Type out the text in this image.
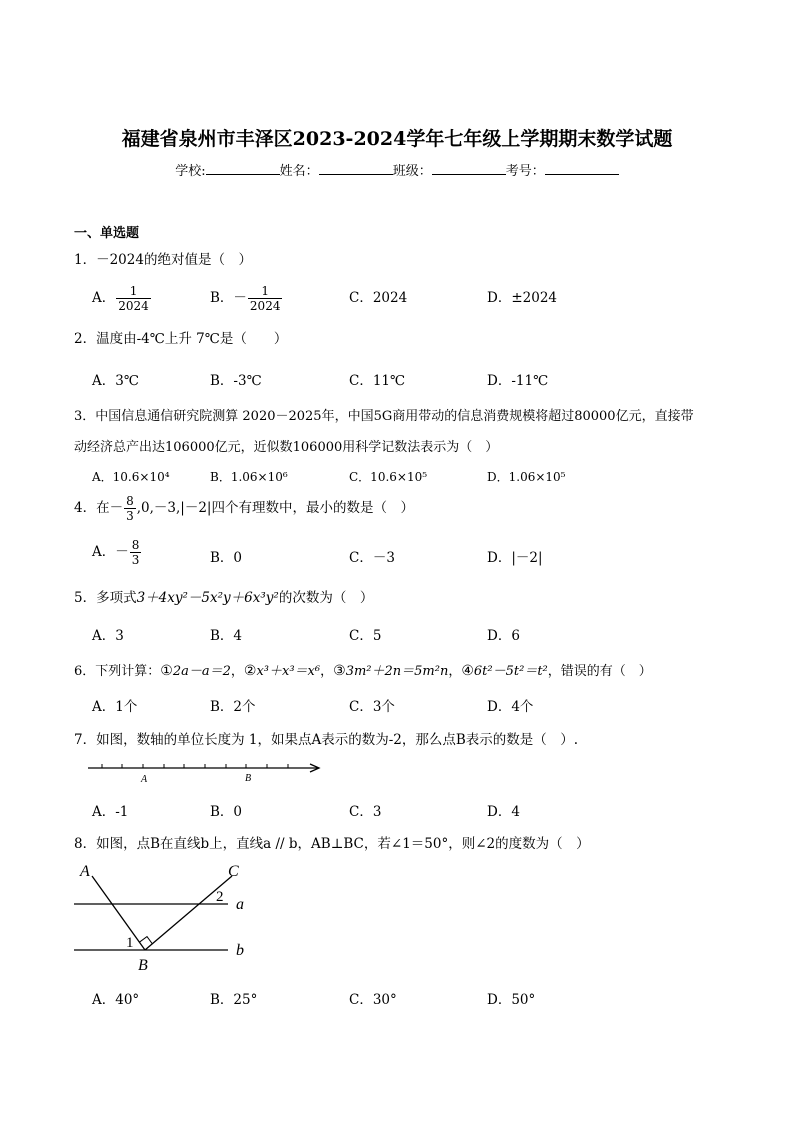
福建省泉州市丰泽区2023-2024学年七年级上学期期末数学试题
学校:	姓名：	班级：	考号：
一、单选题
1．－2024的绝对值是（　）
A． $\frac{1}{2024}$	B．－ $\frac{1}{2024}$	C．2024	D．±2024
2．温度由-4℃上升 7℃是（　　）
A．3℃	B．-3℃	C．11℃	D．-11℃
3．中国信息通信研究院测算 2020－2025年，中国5G商用带动的信息消费规模将超过80000亿元，直接带
动经济总产出达106000亿元，近似数106000用科学记数法表示为（　）
A．10.6×10⁴	B．1.06×10⁶	C．10.6×10⁵	D．1.06×10⁵
4．在－ $\frac{8}{3} ,0,-3,|-2|$四个有理数中，最小的数是（　）
A．－ $\frac{8}{3}$	B．0	C．－3	D．|－2|
5．多项式3＋4xy²－5x²y＋6x³y²的次数为（　）
A．3	B．4	C．5	D．6
6．下列计算：①2a－a＝2，②x³＋x³＝x⁶，③3m²＋2n＝5m²n，④6t²－5t²＝t²，错误的有（　）
A．1个	B．2个	C．3个	D．4个
7．如图，数轴的单位长度为 1，如果点A表示的数为-2，那么点B表示的数是（　）.
A	B
A．-1	B．0	C．3	D．4
8．如图，点B在直线b上，直线a // b，AB⊥BC，若∠1＝50°，则∠2的度数为（　）
A	C
a
b
B
1
2
A．40°	B．25°	C．30°	D．50°
